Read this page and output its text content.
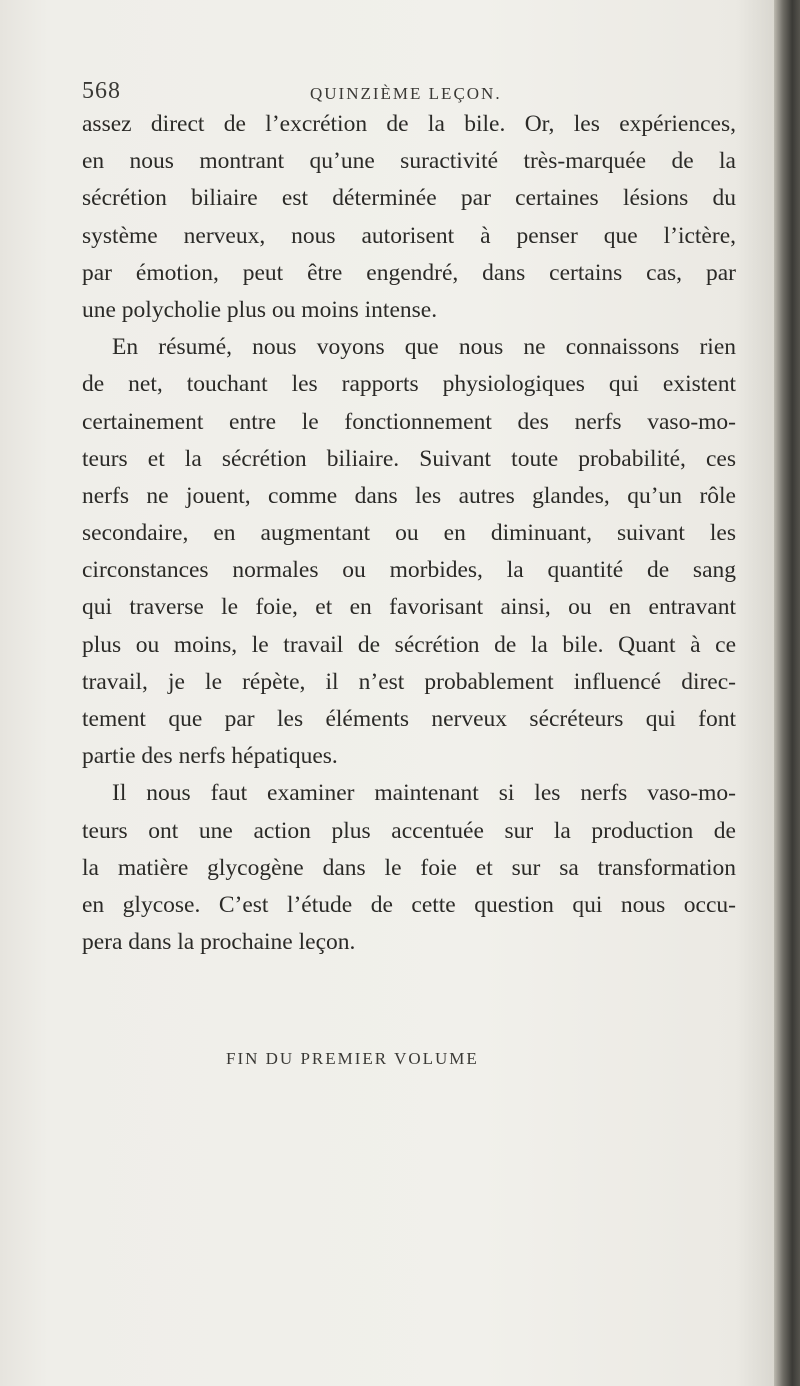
568	QUINZIÈME LEÇON.
assez direct de l’excrétion de la bile. Or, les expériences,
en nous montrant qu’une suractivité très-marquée de la
sécrétion biliaire est déterminée par certaines lésions du
système nerveux, nous autorisent à penser que l’ictère,
par émotion, peut être engendré, dans certains cas, par
une polycholie plus ou moins intense.
En résumé, nous voyons que nous ne connaissons rien
de net, touchant les rapports physiologiques qui existent
certainement entre le fonctionnement des nerfs vaso-mo-
teurs et la sécrétion biliaire. Suivant toute probabilité, ces
nerfs ne jouent, comme dans les autres glandes, qu’un rôle
secondaire, en augmentant ou en diminuant, suivant les
circonstances normales ou morbides, la quantité de sang
qui traverse le foie, et en favorisant ainsi, ou en entravant
plus ou moins, le travail de sécrétion de la bile. Quant à ce
travail, je le répète, il n’est probablement influencé direc-
tement que par les éléments nerveux sécréteurs qui font
partie des nerfs hépatiques.
Il nous faut examiner maintenant si les nerfs vaso-mo-
teurs ont une action plus accentuée sur la production de
la matière glycogène dans le foie et sur sa transformation
en glycose. C’est l’étude de cette question qui nous occu-
pera dans la prochaine leçon.
FIN DU PREMIER VOLUME
